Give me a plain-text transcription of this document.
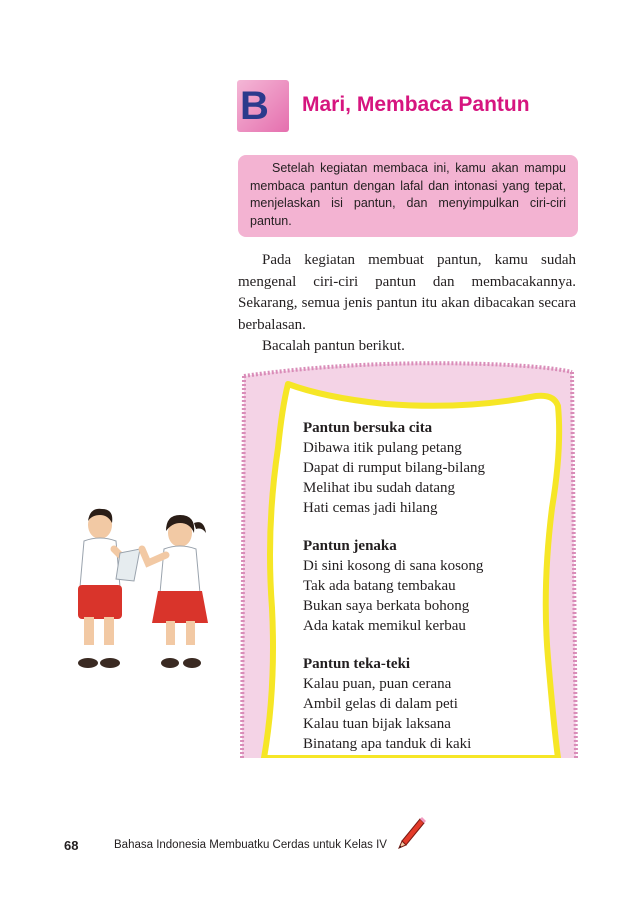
B Mari, Membaca Pantun
Setelah kegiatan membaca ini, kamu akan mampu membaca pantun dengan lafal dan intonasi yang tepat, menjelaskan isi pantun, dan menyimpulkan ciri-ciri pantun.

Pada kegiatan membuat pantun, kamu sudah mengenal ciri-ciri pantun dan membacakannya. Sekarang, semua jenis pantun itu akan dibacakan secara berbalasan.

Bacalah pantun berikut.

Pantun bersuka cita
Dibawa itik pulang petang
Dapat di rumput bilang-bilang
Melihat ibu sudah datang
Hati cemas jadi hilang
Pantun jenaka
Di sini kosong di sana kosong
Tak ada batang tembakau
Bukan saya berkata bohong
Ada katak memikul kerbau
Pantun teka-teki
Kalau puan, puan cerana
Ambil gelas di dalam peti
Kalau tuan bijak laksana
Binatang apa tanduk di kaki
68	Bahasa Indonesia Membuatku Cerdas untuk Kelas IV
